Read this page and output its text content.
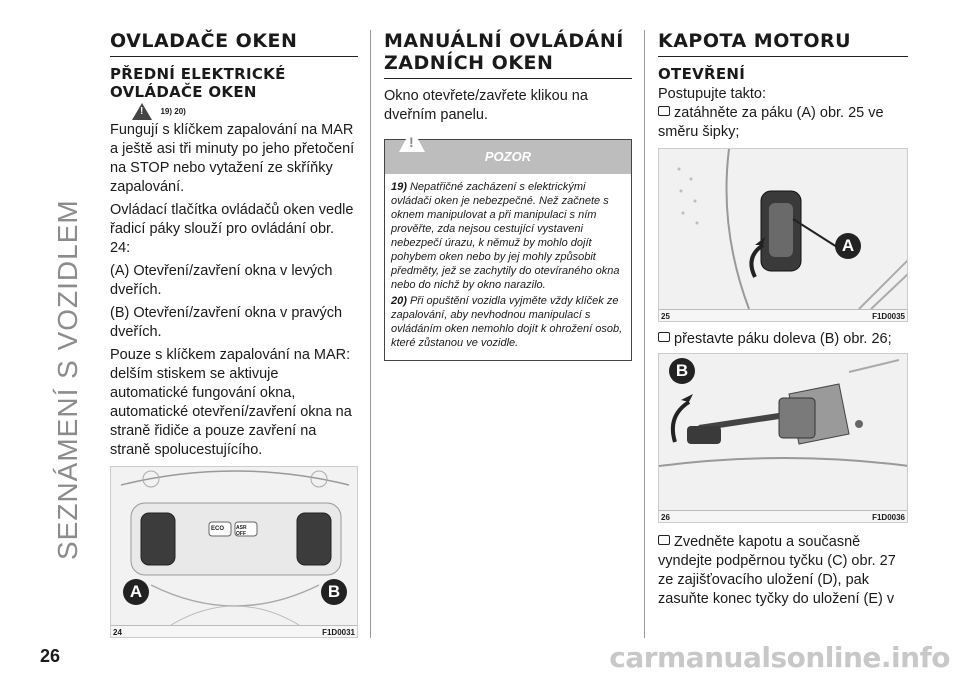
SEZNÁMENÍ S VOZIDLEM
OVLADAČE OKEN
PŘEDNÍ ELEKTRICKÉ OVLÁDAČE OKEN
! 19) 20)

Fungují s klíčkem zapalování na MAR a ještě asi tři minuty po jeho přetočení na STOP nebo vytažení ze skříňky zapalování.

Ovládací tlačítka ovládačů oken vedle řadicí páky slouží pro ovládání obr. 24:

(A) Otevření/zavření okna v levých dveřích.

(B) Otevření/zavření okna v pravých dveřích.

Pouze s klíčkem zapalování na MAR: delším stiskem se aktivuje automatické fungování okna, automatické otevření/zavření okna na straně řidiče a pouze zavření na straně spolucestujícího.

ECO ASR OFF
A	B
24	F1D0031
MANUÁLNÍ OVLÁDÁNÍ ZADNÍCH OKEN

Okno otevřete/zavřete klikou na dveřním panelu.

!
POZOR

19) Nepatřičné zacházení s elektrickými ovládači oken je nebezpečné. Než začnete s oknem manipulovat a při manipulaci s ním prověřte, zda nejsou cestující vystaveni nebezpečí úrazu, k němuž by mohlo dojít pohybem oken nebo by jej mohly způsobit předměty, jež se zachytily do otevíraného okna nebo do nichž by okno narazilo.

20) Při opuštění vozidla vyjměte vždy klíček ze zapalování, aby nevhodnou manipulací s ovládáním oken nemohlo dojít k ohrožení osob, které zůstanou ve vozidle.

KAPOTA MOTORU
OTEVŘENÍ

Postupujte takto:

zatáhněte za páku (A) obr. 25 ve směru šipky;

A
25	F1D0035

přestavte páku doleva (B) obr. 26;

B
26	F1D0036

Zvedněte kapotu a současně vyndejte podpěrnou tyčku (C) obr. 27 ze zajišťovacího uložení (D), pak zasuňte konec tyčky do uložení (E) v

26	carmanualsonline.info
